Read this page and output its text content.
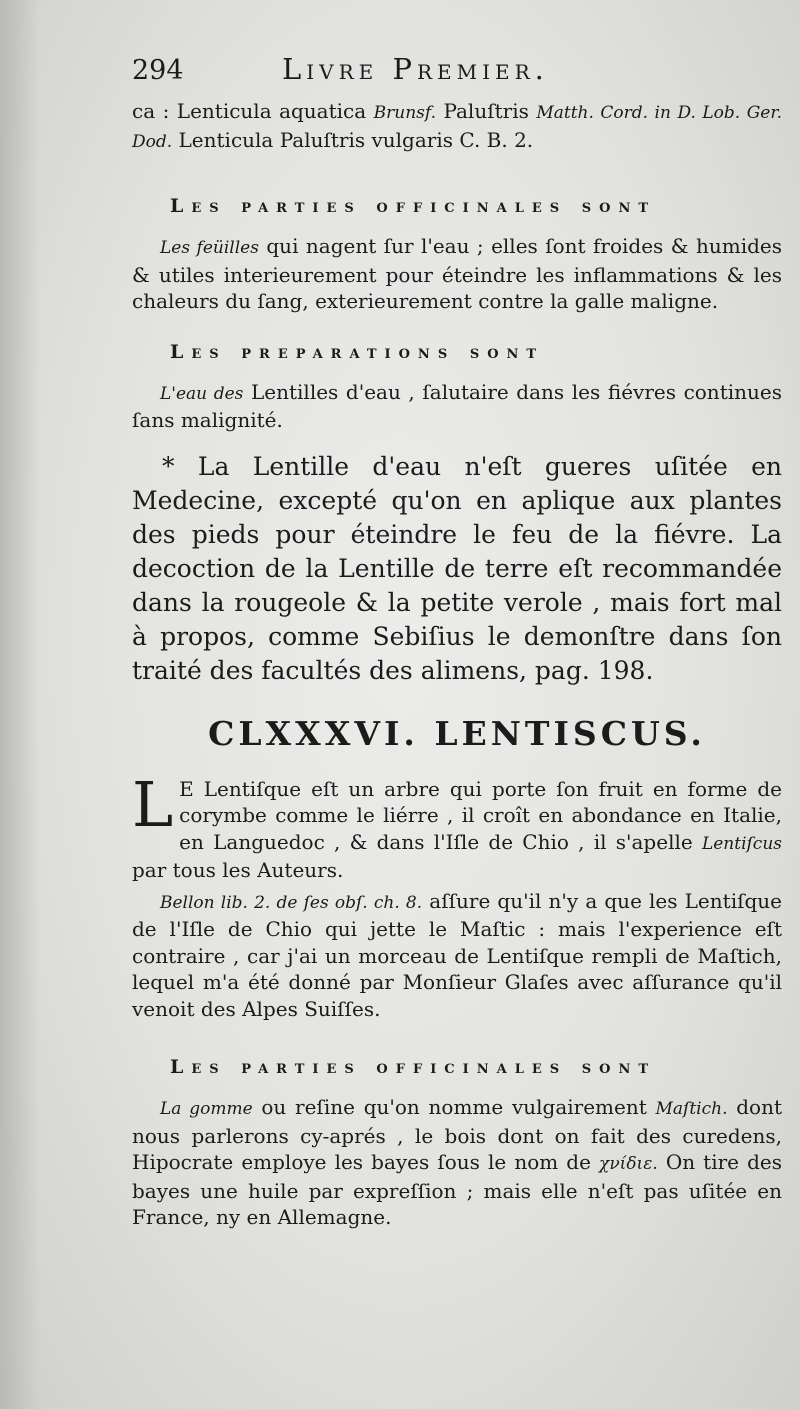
294	Livre Premier.

ca : Lenticula aquatica Brunsf. Paluſtris Matth. Cord. in D. Lob. Ger. Dod. Lenticula Paluſtris vulgaris C. B. 2.

Les parties officinales sont

Les feüilles qui nagent ſur l'eau ; elles ſont froides & humides & utiles interieurement pour éteindre les inflammations & les chaleurs du ſang, exterieurement contre la galle maligne.

Les preparations sont

L'eau des Lentilles d'eau , ſalutaire dans les fiévres continues ſans malignité.

* La Lentille d'eau n'eſt gueres uſitée en Medecine, excepté qu'on en aplique aux plantes des pieds pour éteindre le feu de la fiévre. La decoction de la Lentille de terre eſt recommandée dans la rougeole & la petite verole , mais fort mal à propos, comme Sebiſius le demonſtre dans ſon traité des facultés des alimens, pag. 198.

CLXXXVI. LENTISCUS.

L E Lentiſque eſt un arbre qui porte ſon fruit en forme de corymbe comme le liérre , il croît en abondance en Italie, en Languedoc , & dans l'Iſle de Chio , il s'apelle Lentiſcus par tous les Auteurs.

Bellon lib. 2. de ſes obſ. ch. 8. aſſure qu'il n'y a que les Lentiſque de l'Iſle de Chio qui jette le Maſtic : mais l'experience eſt contraire , car j'ai un morceau de Lentiſque rempli de Maſtich, lequel m'a été donné par Monſieur Glaſes avec aſſurance qu'il venoit des Alpes Suiſſes.

Les parties officinales sont

La gomme ou reſine qu'on nomme vulgairement Maſtich. dont nous parlerons cy-aprés , le bois dont on fait des curedens, Hipocrate employe les bayes ſous le nom de χνίδιε. On tire des bayes une huile par expreſſion ; mais elle n'eſt pas uſitée en France, ny en Allemagne.
